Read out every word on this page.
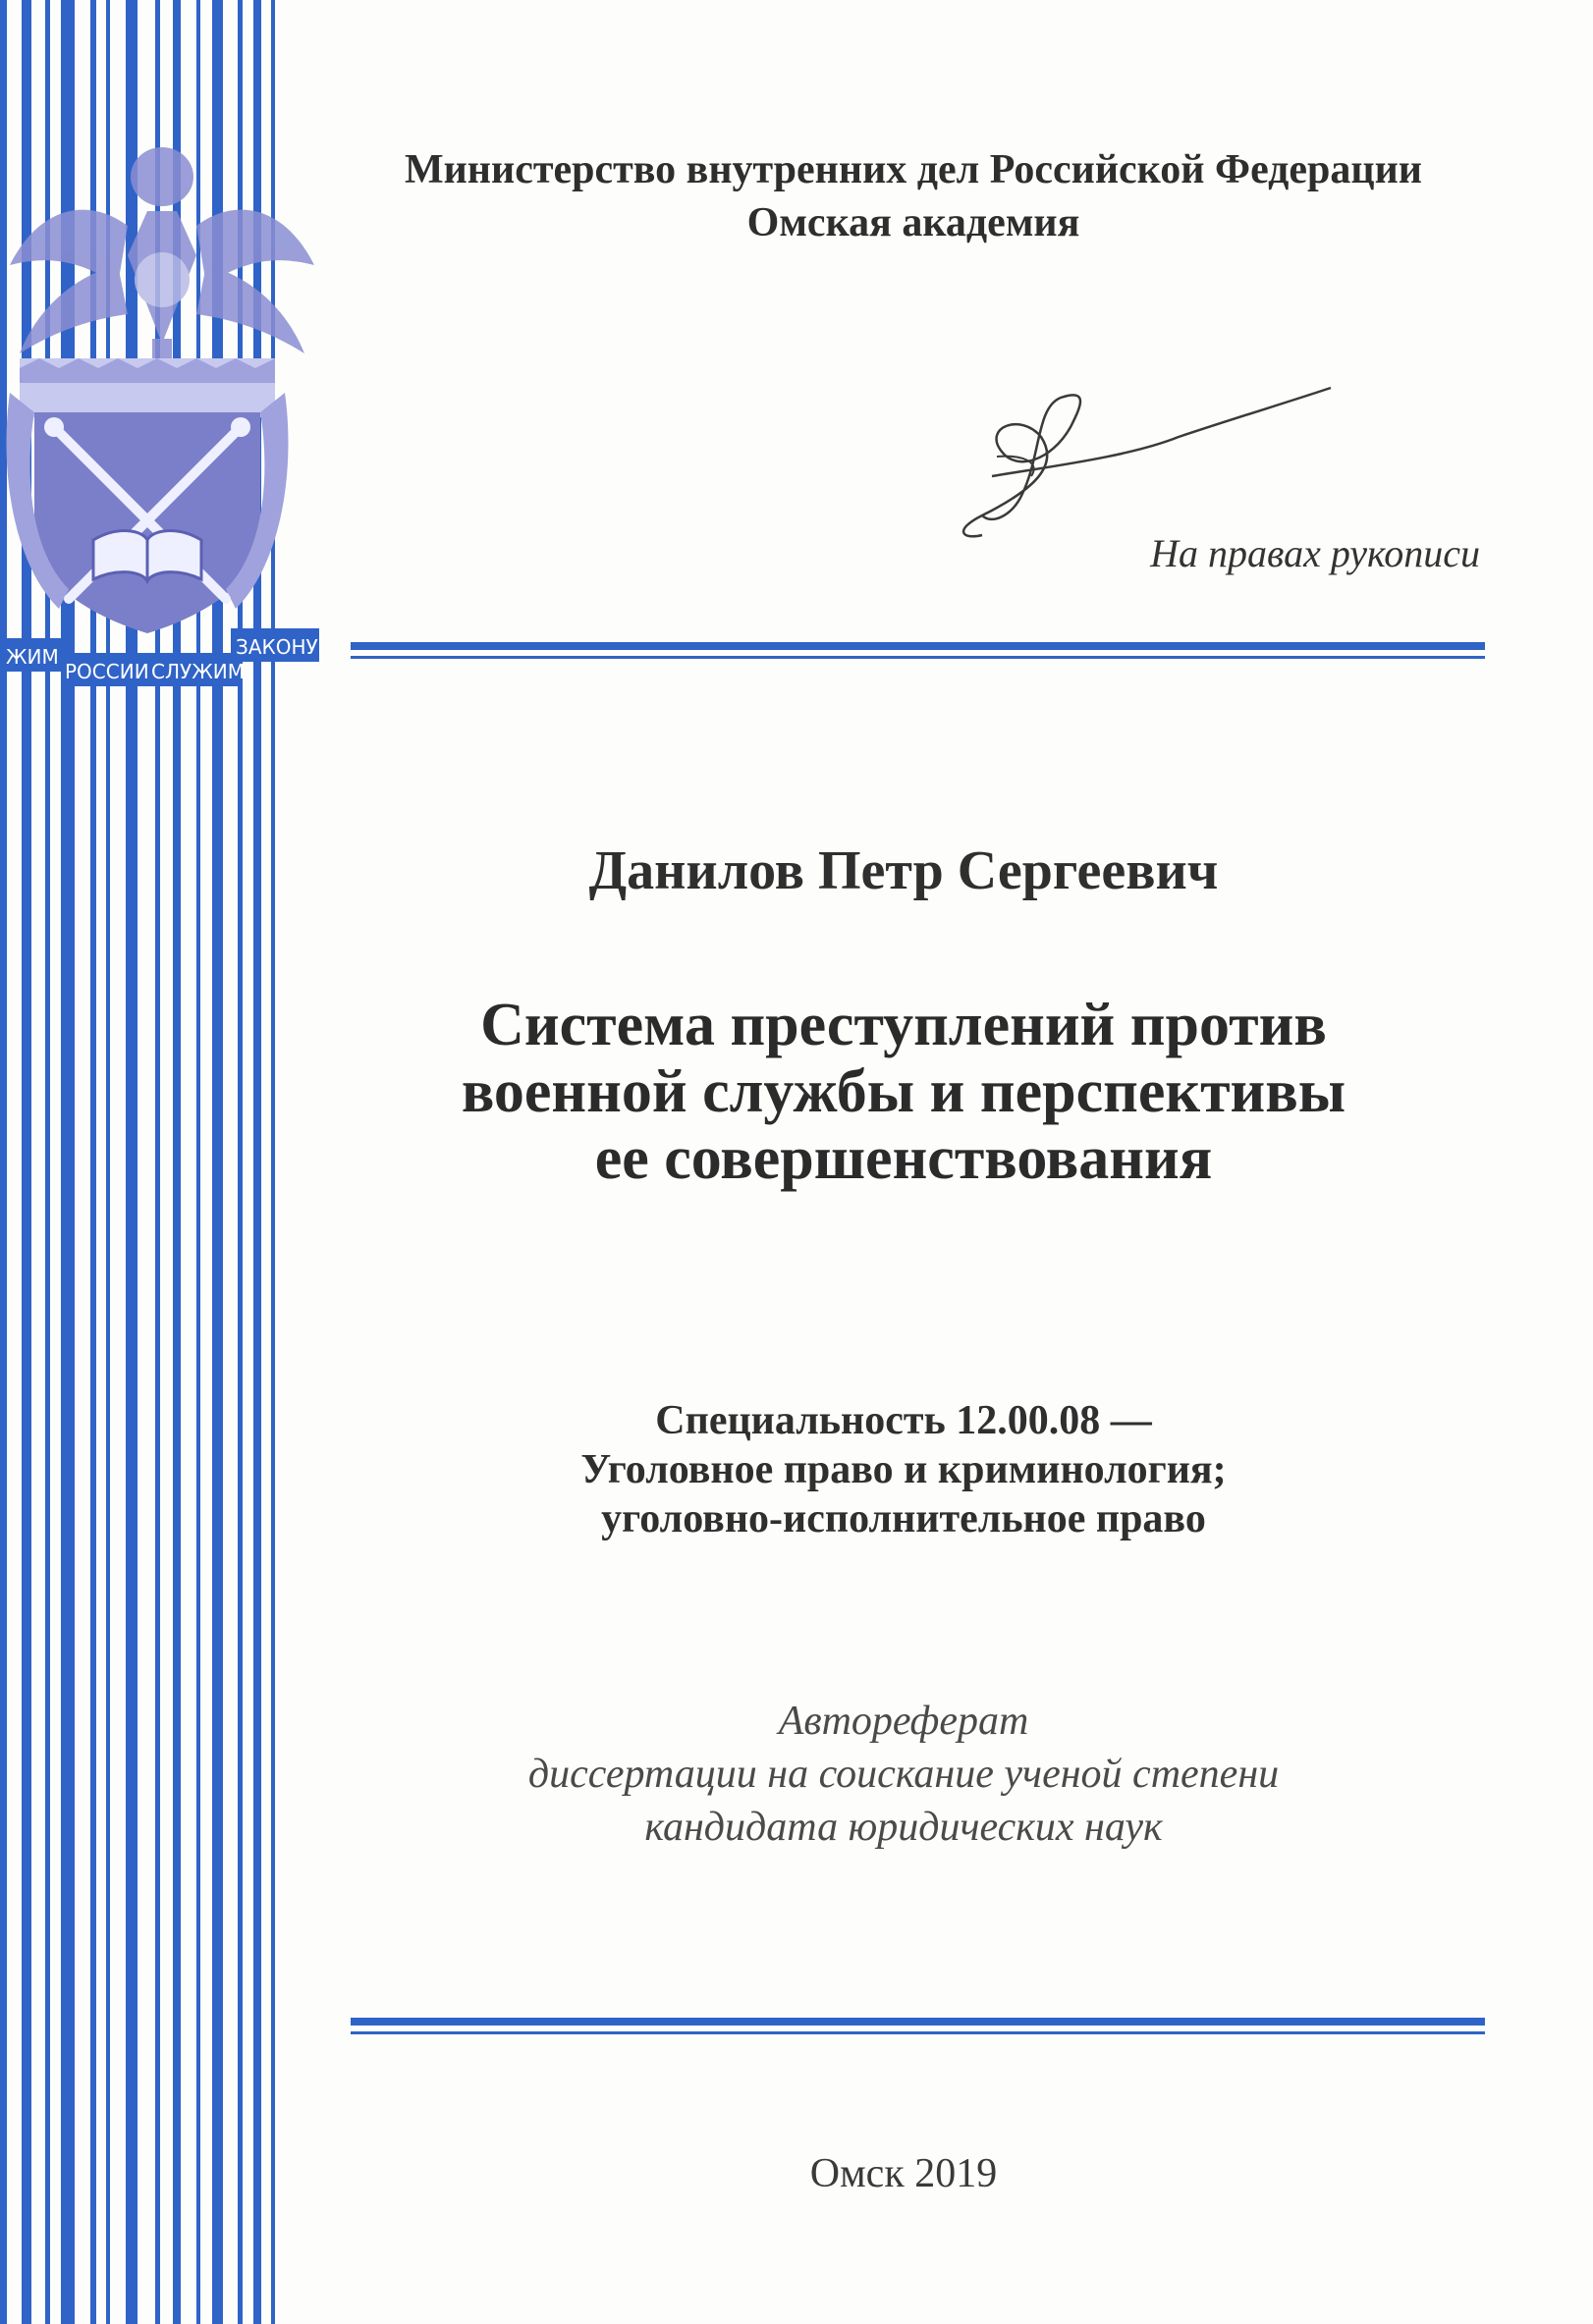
ЖИМ
РОССИИ СЛУЖИМ
ЗАКОНУ
Министерство внутренних дел Российской Федерации
Омская академия
На правах рукописи
Данилов Петр Сергеевич
Система преступлений против
военной службы и перспективы
ее совершенствования
Специальность 12.00.08 —
Уголовное право и криминология;
уголовно-исполнительное право
Автореферат
диссертации на соискание ученой степени
кандидата юридических наук
Омск 2019
